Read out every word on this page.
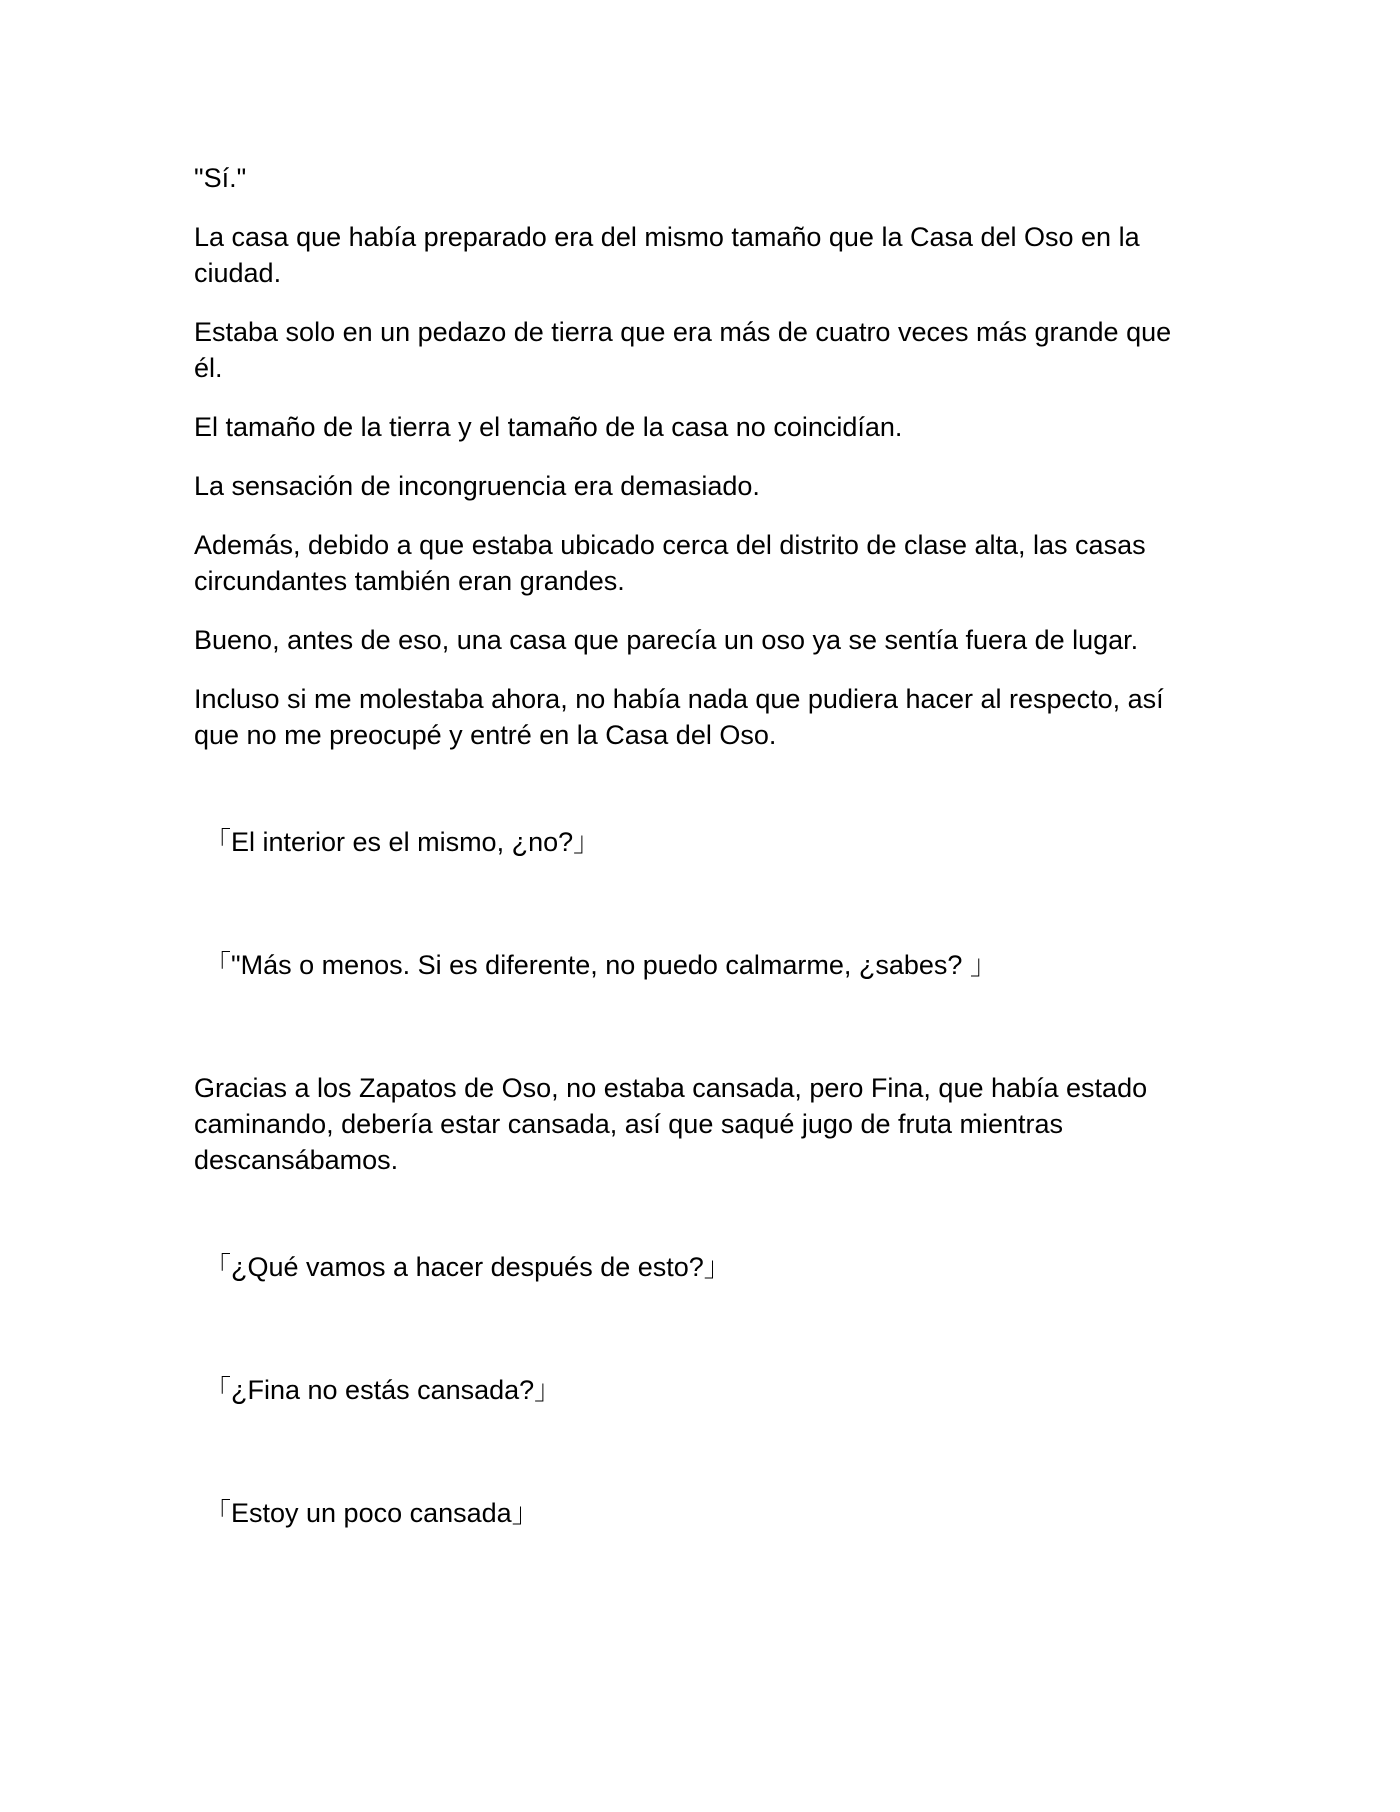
"Sí."

La casa que había preparado era del mismo tamaño que la Casa del Oso en la ciudad.

Estaba solo en un pedazo de tierra que era más de cuatro veces más grande que él.

El tamaño de la tierra y el tamaño de la casa no coincidían.

La sensación de incongruencia era demasiado.

Además, debido a que estaba ubicado cerca del distrito de clase alta, las casas circundantes también eran grandes.

Bueno, antes de eso, una casa que parecía un oso ya se sentía fuera de lugar.

Incluso si me molestaba ahora, no había nada que pudiera hacer al respecto, así que no me preocupé y entré en la Casa del Oso.

「El interior es el mismo, ¿no?」

「"Más o menos. Si es diferente, no puedo calmarme, ¿sabes? 」

Gracias a los Zapatos de Oso, no estaba cansada, pero Fina, que había estado caminando, debería estar cansada, así que saqué jugo de fruta mientras descansábamos.

「¿Qué vamos a hacer después de esto?」

「¿Fina no estás cansada?」

「Estoy un poco cansada」
